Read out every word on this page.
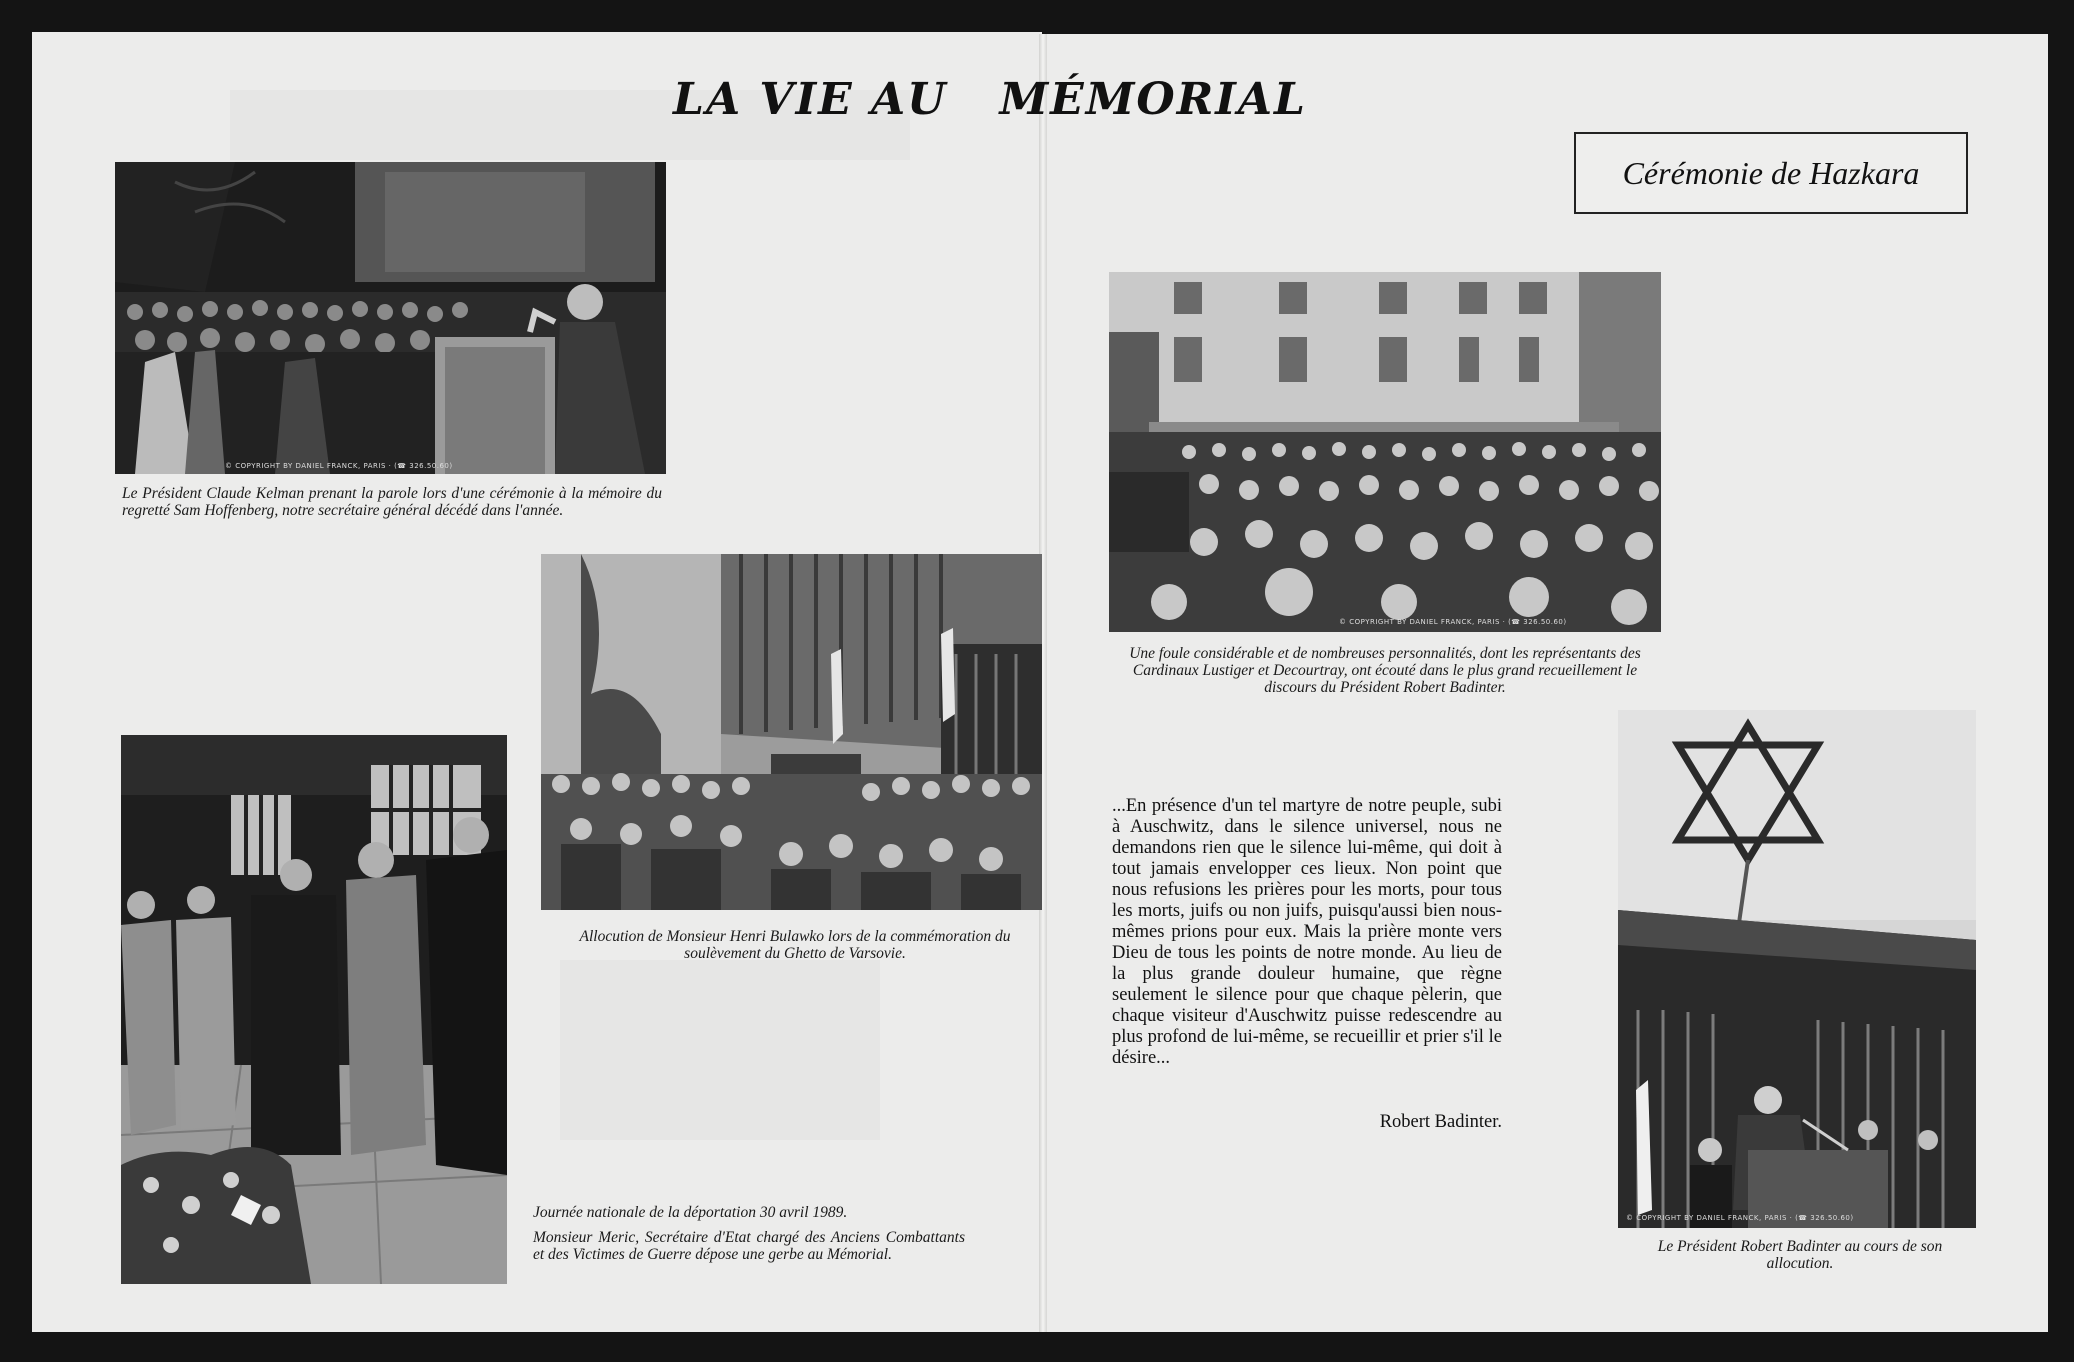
LA VIE AU   MÉMORIAL
Cérémonie de Hazkara
© COPYRIGHT BY DANIEL FRANCK, PARIS · (☎ 326.50.60)

Le Président Claude Kelman prenant la parole lors d'une cérémonie à la mémoire du regretté Sam Hoffenberg, notre secrétaire général décédé dans l'année.

Allocution de Monsieur Henri Bulawko lors de la commémoration du soulèvement du Ghetto de Varsovie.

Journée nationale de la déportation 30 avril 1989.

Monsieur Meric, Secrétaire d'Etat chargé des Anciens Combattants et des Victimes de Guerre dépose une gerbe au Mémorial.

© COPYRIGHT BY DANIEL FRANCK, PARIS · (☎ 326.50.60)

Une foule considérable et de nombreuses personnalités, dont les représentants des Cardinaux Lustiger et Decourtray, ont écouté dans le plus grand recueillement le discours du Président Robert Badinter.

...En présence d'un tel martyre de notre peuple, subi à Auschwitz, dans le silence universel, nous ne demandons rien que le silence lui-même, qui doit à tout jamais envelopper ces lieux. Non point que nous refusions les prières pour les morts, pour tous les morts, juifs ou non juifs, puisqu'aussi bien nous-mêmes prions pour eux. Mais la prière monte vers Dieu de tous les points de notre monde. Au lieu de la plus grande douleur humaine, que règne seulement le silence pour que chaque pèlerin, que chaque visiteur d'Auschwitz puisse redescendre au plus profond de lui-même, se recueillir et prier s'il le désire...

Robert Badinter.

© COPYRIGHT BY DANIEL FRANCK, PARIS · (☎ 326.50.60)

Le Président Robert Badinter au cours de son allocution.
